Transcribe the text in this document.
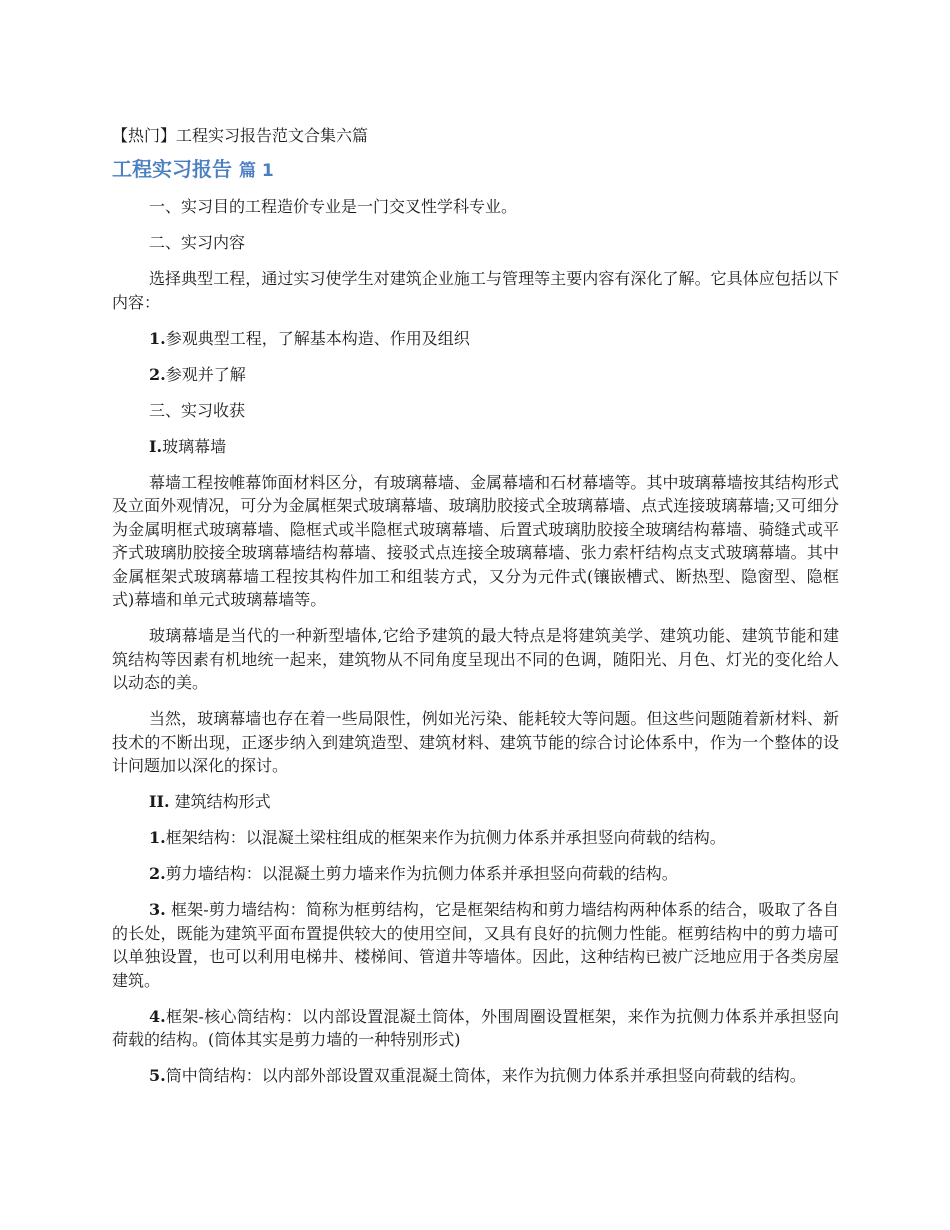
【热门】工程实习报告范文合集六篇
工程实习报告 篇 1

一、实习目的工程造价专业是一门交叉性学科专业。

二、实习内容

选择典型工程，通过实习使学生对建筑企业施工与管理等主要内容有深化了解。它具体应包括以下内容：

1.参观典型工程，了解基本构造、作用及组织

2.参观并了解

三、实习收获

I.玻璃幕墙

幕墙工程按帷幕饰面材料区分，有玻璃幕墙、金属幕墙和石材幕墙等。其中玻璃幕墙按其结构形式及立面外观情况，可分为金属框架式玻璃幕墙、玻璃肋胶接式全玻璃幕墙、点式连接玻璃幕墙;又可细分为金属明框式玻璃幕墙、隐框式或半隐框式玻璃幕墙、后置式玻璃肋胶接全玻璃结构幕墙、骑缝式或平齐式玻璃肋胶接全玻璃幕墙结构幕墙、接驳式点连接全玻璃幕墙、张力索杆结构点支式玻璃幕墙。其中金属框架式玻璃幕墙工程按其构件加工和组装方式，又分为元件式(镶嵌槽式、断热型、隐窗型、隐框式)幕墙和单元式玻璃幕墙等。

玻璃幕墙是当代的一种新型墙体,它给予建筑的最大特点是将建筑美学、建筑功能、建筑节能和建筑结构等因素有机地统一起来，建筑物从不同角度呈现出不同的色调，随阳光、月色、灯光的变化给人以动态的美。

当然，玻璃幕墙也存在着一些局限性，例如光污染、能耗较大等问题。但这些问题随着新材料、新技术的不断出现，正逐步纳入到建筑造型、建筑材料、建筑节能的综合讨论体系中，作为一个整体的设计问题加以深化的探讨。

II. 建筑结构形式

1.框架结构：以混凝土梁柱组成的框架来作为抗侧力体系并承担竖向荷载的结构。

2.剪力墙结构：以混凝土剪力墙来作为抗侧力体系并承担竖向荷载的结构。

3. 框架-剪力墙结构：简称为框剪结构，它是框架结构和剪力墙结构两种体系的结合，吸取了各自的长处，既能为建筑平面布置提供较大的使用空间，又具有良好的抗侧力性能。框剪结构中的剪力墙可以单独设置，也可以利用电梯井、楼梯间、管道井等墙体。因此，这种结构已被广泛地应用于各类房屋建筑。

4.框架-核心筒结构：以内部设置混凝土筒体，外围周圈设置框架，来作为抗侧力体系并承担竖向荷载的结构。(筒体其实是剪力墙的一种特别形式)

5.筒中筒结构：以内部外部设置双重混凝土筒体，来作为抗侧力体系并承担竖向荷载的结构。
